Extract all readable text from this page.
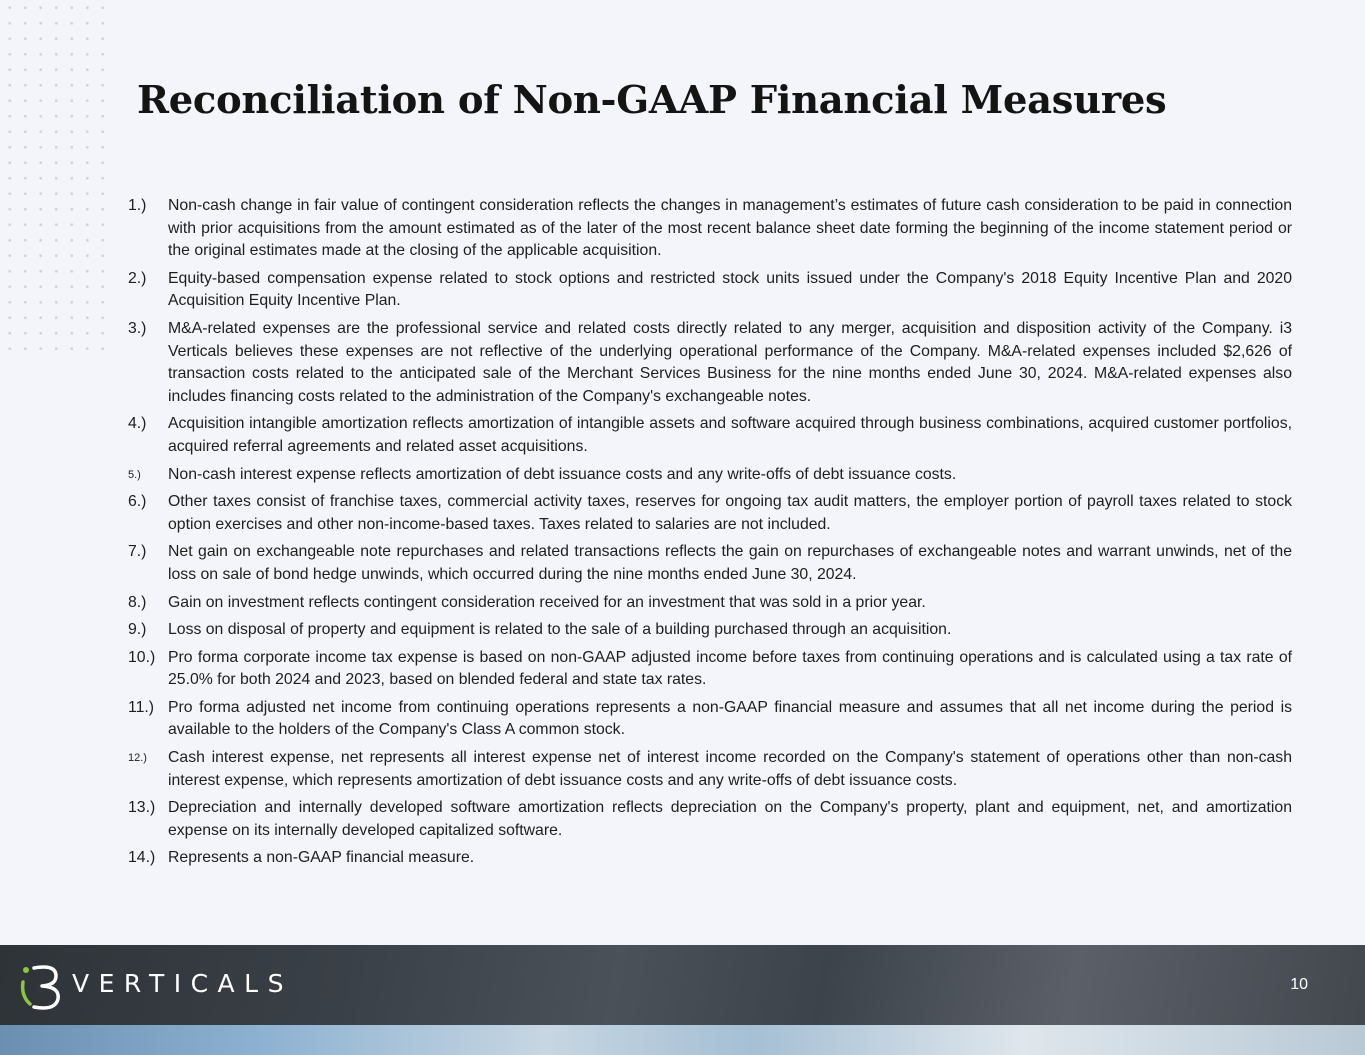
Reconciliation of Non-GAAP Financial Measures
1.)	Non-cash change in fair value of contingent consideration reflects the changes in management’s estimates of future cash consideration to be paid in connection with prior acquisitions from the amount estimated as of the later of the most recent balance sheet date forming the beginning of the income statement period or the original estimates made at the closing of the applicable acquisition.
2.)	Equity-based compensation expense related to stock options and restricted stock units issued under the Company's 2018 Equity Incentive Plan and 2020 Acquisition Equity Incentive Plan.
3.)	M&A-related expenses are the professional service and related costs directly related to any merger, acquisition and disposition activity of the Company. i3 Verticals believes these expenses are not reflective of the underlying operational performance of the Company. M&A-related expenses included $2,626 of transaction costs related to the anticipated sale of the Merchant Services Business for the nine months ended June 30, 2024. M&A-related expenses also includes financing costs related to the administration of the Company's exchangeable notes.
4.)	Acquisition intangible amortization reflects amortization of intangible assets and software acquired through business combinations, acquired customer portfolios, acquired referral agreements and related asset acquisitions.
5.)	Non-cash interest expense reflects amortization of debt issuance costs and any write-offs of debt issuance costs.
6.)	Other taxes consist of franchise taxes, commercial activity taxes, reserves for ongoing tax audit matters, the employer portion of payroll taxes related to stock option exercises and other non-income-based taxes. Taxes related to salaries are not included.
7.)	Net gain on exchangeable note repurchases and related transactions reflects the gain on repurchases of exchangeable notes and warrant unwinds, net of the loss on sale of bond hedge unwinds, which occurred during the nine months ended June 30, 2024.
8.)	Gain on investment reflects contingent consideration received for an investment that was sold in a prior year.
9.)	Loss on disposal of property and equipment is related to the sale of a building purchased through an acquisition.
10.) Pro forma corporate income tax expense is based on non-GAAP adjusted income before taxes from continuing operations and is calculated using a tax rate of 25.0% for both 2024 and 2023, based on blended federal and state tax rates.
11.) Pro forma adjusted net income from continuing operations represents a non-GAAP financial measure and assumes that all net income during the period is available to the holders of the Company's Class A common stock.
12.)	Cash interest expense, net represents all interest expense net of interest income recorded on the Company's statement of operations other than non-cash interest expense, which represents amortization of debt issuance costs and any write-offs of debt issuance costs.
13.) Depreciation and internally developed software amortization reflects depreciation on the Company's property, plant and equipment, net, and amortization expense on its internally developed capitalized software.
14.) Represents a non-GAAP financial measure.
VERTICALS	10
